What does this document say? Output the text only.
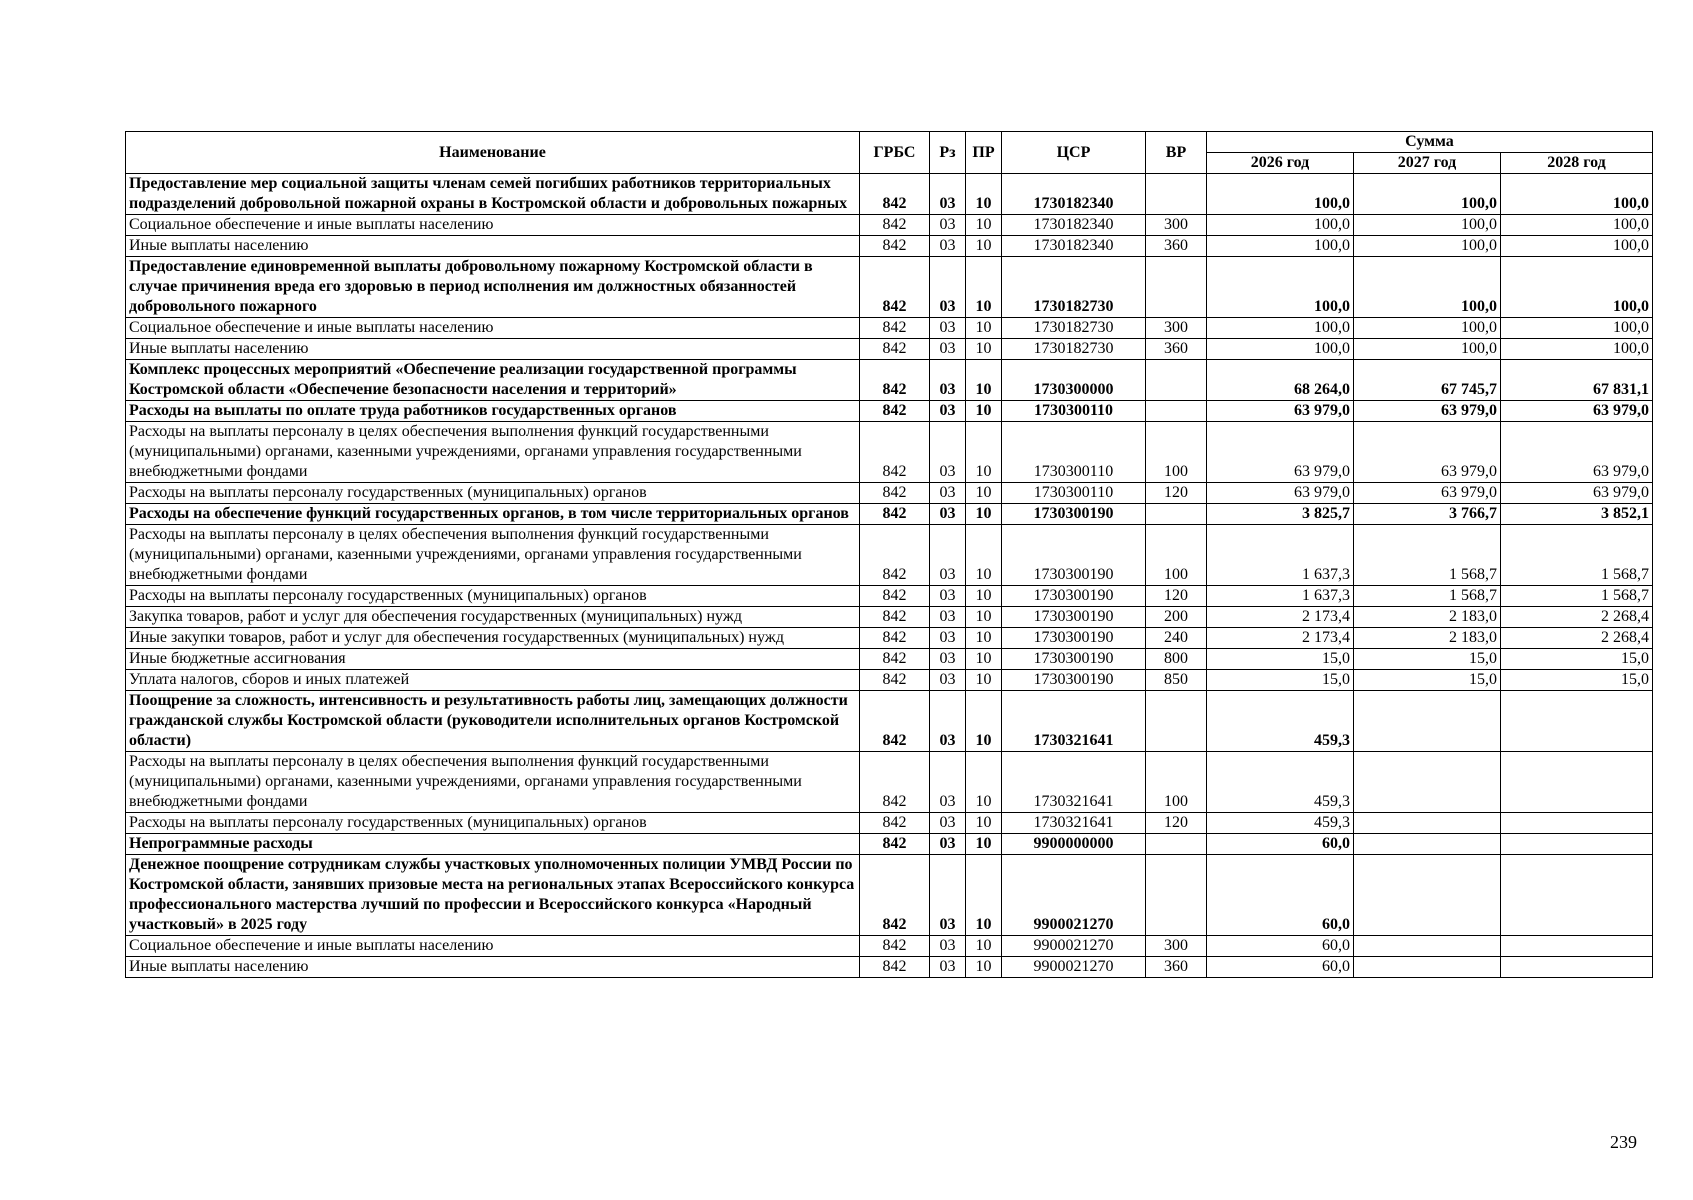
Наименование	ГРБС	Рз	ПР	ЦСР	ВР	Сумма		
						2026 год	2027 год	2028 год
Предоставление мер социальной защиты членам семей погибших работников территориальных подразделений добровольной пожарной охраны в Костромской области и добровольных пожарных	842	03	10	1730182340		100,0	100,0	100,0
Социальное обеспечение и иные выплаты населению	842	03	10	1730182340	300	100,0	100,0	100,0
Иные выплаты населению	842	03	10	1730182340	360	100,0	100,0	100,0
Предоставление единовременной выплаты добровольному пожарному Костромской области в случае причинения вреда его здоровью в период исполнения им должностных обязанностей добровольного пожарного	842	03	10	1730182730		100,0	100,0	100,0
Социальное обеспечение и иные выплаты населению	842	03	10	1730182730	300	100,0	100,0	100,0
Иные выплаты населению	842	03	10	1730182730	360	100,0	100,0	100,0
Комплекс процессных мероприятий «Обеспечение реализации государственной программы Костромской области «Обеспечение безопасности населения и территорий»	842	03	10	1730300000		68 264,0	67 745,7	67 831,1
Расходы на выплаты по оплате труда работников государственных органов	842	03	10	1730300110		63 979,0	63 979,0	63 979,0
Расходы на выплаты персоналу в целях обеспечения выполнения функций государственными (муниципальными) органами, казенными учреждениями, органами управления государственными внебюджетными фондами	842	03	10	1730300110	100	63 979,0	63 979,0	63 979,0
Расходы на выплаты персоналу государственных (муниципальных) органов	842	03	10	1730300110	120	63 979,0	63 979,0	63 979,0
Расходы на обеспечение функций государственных органов, в том числе территориальных органов	842	03	10	1730300190		3 825,7	3 766,7	3 852,1
Расходы на выплаты персоналу в целях обеспечения выполнения функций государственными (муниципальными) органами, казенными учреждениями, органами управления государственными внебюджетными фондами	842	03	10	1730300190	100	1 637,3	1 568,7	1 568,7
Расходы на выплаты персоналу государственных (муниципальных) органов	842	03	10	1730300190	120	1 637,3	1 568,7	1 568,7
Закупка товаров, работ и услуг для обеспечения государственных (муниципальных) нужд	842	03	10	1730300190	200	2 173,4	2 183,0	2 268,4
Иные закупки товаров, работ и услуг для обеспечения государственных (муниципальных) нужд	842	03	10	1730300190	240	2 173,4	2 183,0	2 268,4
Иные бюджетные ассигнования	842	03	10	1730300190	800	15,0	15,0	15,0
Уплата налогов, сборов и иных платежей	842	03	10	1730300190	850	15,0	15,0	15,0
Поощрение за сложность, интенсивность и результативность работы лиц, замещающих должности гражданской службы Костромской области (руководители исполнительных органов Костромской области)	842	03	10	1730321641		459,3		
Расходы на выплаты персоналу в целях обеспечения выполнения функций государственными (муниципальными) органами, казенными учреждениями, органами управления государственными внебюджетными фондами	842	03	10	1730321641	100	459,3		
Расходы на выплаты персоналу государственных (муниципальных) органов	842	03	10	1730321641	120	459,3		
Непрограммные расходы	842	03	10	9900000000		60,0		
Денежное поощрение сотрудникам службы участковых уполномоченных полиции УМВД России по Костромской области, занявших призовые места на региональных этапах Всероссийского конкурса профессионального мастерства лучший по профессии и Всероссийского конкурса «Народный участковый» в 2025 году	842	03	10	9900021270		60,0		
Социальное обеспечение и иные выплаты населению	842	03	10	9900021270	300	60,0		
Иные выплаты населению	842	03	10	9900021270	360	60,0		
239
